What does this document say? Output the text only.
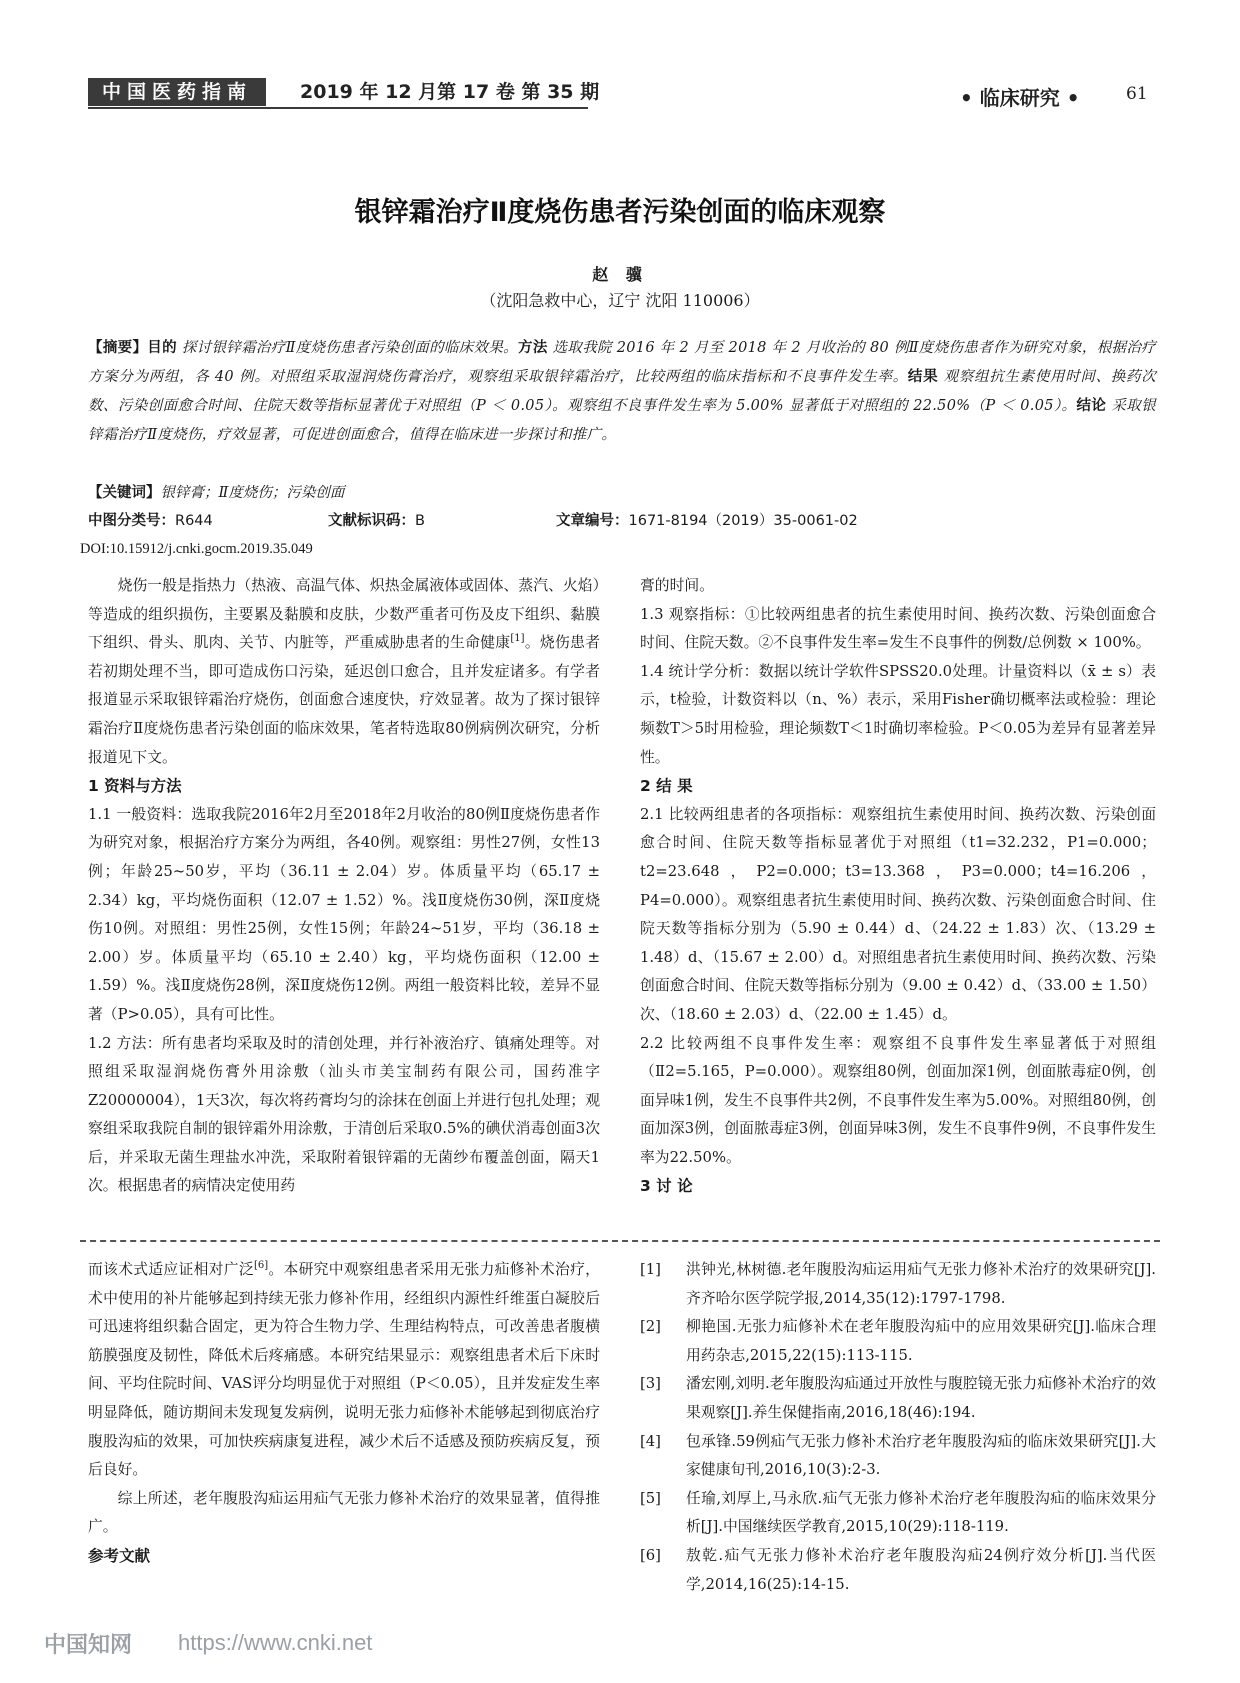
中国医药指南	2019 年 12 月第 17 卷 第 35 期	• 临床研究 •	61
银锌霜治疗Ⅱ度烧伤患者污染创面的临床观察
赵 骥
（沈阳急救中心，辽宁 沈阳 110006）
【摘要】目的 探讨银锌霜治疗Ⅱ度烧伤患者污染创面的临床效果。方法 选取我院 2016 年 2 月至 2018 年 2 月收治的 80 例Ⅱ度烧伤患者作为研究对象，根据治疗方案分为两组，各 40 例。对照组采取湿润烧伤膏治疗，观察组采取银锌霜治疗，比较两组的临床指标和不良事件发生率。结果 观察组抗生素使用时间、换药次数、污染创面愈合时间、住院天数等指标显著优于对照组（P ＜ 0.05）。观察组不良事件发生率为 5.00% 显著低于对照组的 22.50%（P ＜ 0.05）。结论 采取银锌霜治疗Ⅱ度烧伤，疗效显著，可促进创面愈合，值得在临床进一步探讨和推广。
【关键词】银锌膏；Ⅱ度烧伤；污染创面
中图分类号：R644	文献标识码：B	文章编号：1671-8194（2019）35-0061-02
DOI:10.15912/j.cnki.gocm.2019.35.049

烧伤一般是指热力（热液、高温气体、炽热金属液体或固体、蒸汽、火焰）等造成的组织损伤，主要累及黏膜和皮肤，少数严重者可伤及皮下组织、黏膜下组织、骨头、肌肉、关节、内脏等，严重威胁患者的生命健康[1]。烧伤患者若初期处理不当，即可造成伤口污染，延迟创口愈合，且并发症诸多。有学者报道显示采取银锌霜治疗烧伤，创面愈合速度快，疗效显著。故为了探讨银锌霜治疗Ⅱ度烧伤患者污染创面的临床效果，笔者特选取80例病例次研究，分析报道见下文。

1 资料与方法

1.1 一般资料：选取我院2016年2月至2018年2月收治的80例Ⅱ度烧伤患者作为研究对象，根据治疗方案分为两组，各40例。观察组：男性27例，女性13例；年龄25~50岁，平均（36.11 ± 2.04）岁。体质量平均（65.17 ± 2.34）kg，平均烧伤面积（12.07 ± 1.52）%。浅Ⅱ度烧伤30例，深Ⅱ度烧伤10例。对照组：男性25例，女性15例；年龄24~51岁，平均（36.18 ± 2.00）岁。体质量平均（65.10 ± 2.40）kg，平均烧伤面积（12.00 ± 1.59）%。浅Ⅱ度烧伤28例，深Ⅱ度烧伤12例。两组一般资料比较，差异不显著（P>0.05），具有可比性。

1.2 方法：所有患者均采取及时的清创处理，并行补液治疗、镇痛处理等。对照组采取湿润烧伤膏外用涂敷（汕头市美宝制药有限公司，国药准字Z20000004），1天3次，每次将药膏均匀的涂抹在创面上并进行包扎处理；观察组采取我院自制的银锌霜外用涂敷，于清创后采取0.5%的碘伏消毒创面3次后，并采取无菌生理盐水冲洗，采取附着银锌霜的无菌纱布覆盖创面，隔天1次。根据患者的病情决定使用药

膏的时间。

1.3 观察指标：①比较两组患者的抗生素使用时间、换药次数、污染创面愈合时间、住院天数。②不良事件发生率=发生不良事件的例数/总例数 × 100%。

1.4 统计学分析：数据以统计学软件SPSS20.0处理。计量资料以（x̄ ± s）表示，t检验，计数资料以（n、%）表示，采用Fisher确切概率法或检验：理论频数T＞5时用检验，理论频数T＜1时确切率检验。P＜0.05为差异有显著差异性。

2 结 果

2.1 比较两组患者的各项指标：观察组抗生素使用时间、换药次数、污染创面愈合时间、住院天数等指标显著优于对照组（t1=32.232，P1=0.000；t2=23.648，P2=0.000；t3=13.368，P3=0.000；t4=16.206，P4=0.000）。观察组患者抗生素使用时间、换药次数、污染创面愈合时间、住院天数等指标分别为（5.90 ± 0.44）d、（24.22 ± 1.83）次、（13.29 ± 1.48）d、（15.67 ± 2.00）d。对照组患者抗生素使用时间、换药次数、污染创面愈合时间、住院天数等指标分别为（9.00 ± 0.42）d、（33.00 ± 1.50）次、（18.60 ± 2.03）d、（22.00 ± 1.45）d。

2.2 比较两组不良事件发生率：观察组不良事件发生率显著低于对照组（Ⅱ2=5.165，P=0.000）。观察组80例，创面加深1例，创面脓毒症0例，创面异味1例，发生不良事件共2例，不良事件发生率为5.00%。对照组80例，创面加深3例，创面脓毒症3例，创面异味3例，发生不良事件9例，不良事件发生率为22.50%。

3 讨 论

而该术式适应证相对广泛[6]。本研究中观察组患者采用无张力疝修补术治疗，术中使用的补片能够起到持续无张力修补作用，经组织内源性纤维蛋白凝胶后可迅速将组织黏合固定，更为符合生物力学、生理结构特点，可改善患者腹横筋膜强度及韧性，降低术后疼痛感。本研究结果显示：观察组患者术后下床时间、平均住院时间、VAS评分均明显优于对照组（P＜0.05），且并发症发生率明显降低，随访期间未发现复发病例，说明无张力疝修补术能够起到彻底治疗腹股沟疝的效果，可加快疾病康复进程，减少术后不适感及预防疾病反复，预后良好。

综上所述，老年腹股沟疝运用疝气无张力修补术治疗的效果显著，值得推广。

参考文献
[1]	洪钟光,林树德.老年腹股沟疝运用疝气无张力修补术治疗的效果研究[J].齐齐哈尔医学院学报,2014,35(12):1797-1798.
[2]	柳艳国.无张力疝修补术在老年腹股沟疝中的应用效果研究[J].临床合理用药杂志,2015,22(15):113-115.
[3]	潘宏刚,刘明.老年腹股沟疝通过开放性与腹腔镜无张力疝修补术治疗的效果观察[J].养生保健指南,2016,18(46):194.
[4]	包承锋.59例疝气无张力修补术治疗老年腹股沟疝的临床效果研究[J].大家健康旬刊,2016,10(3):2-3.
[5]	任瑜,刘厚上,马永欣.疝气无张力修补术治疗老年腹股沟疝的临床效果分析[J].中国继续医学教育,2015,10(29):118-119.
[6]	敖乾.疝气无张力修补术治疗老年腹股沟疝24例疗效分析[J].当代医学,2014,16(25):14-15.
中国知网 https://www.cnki.net
